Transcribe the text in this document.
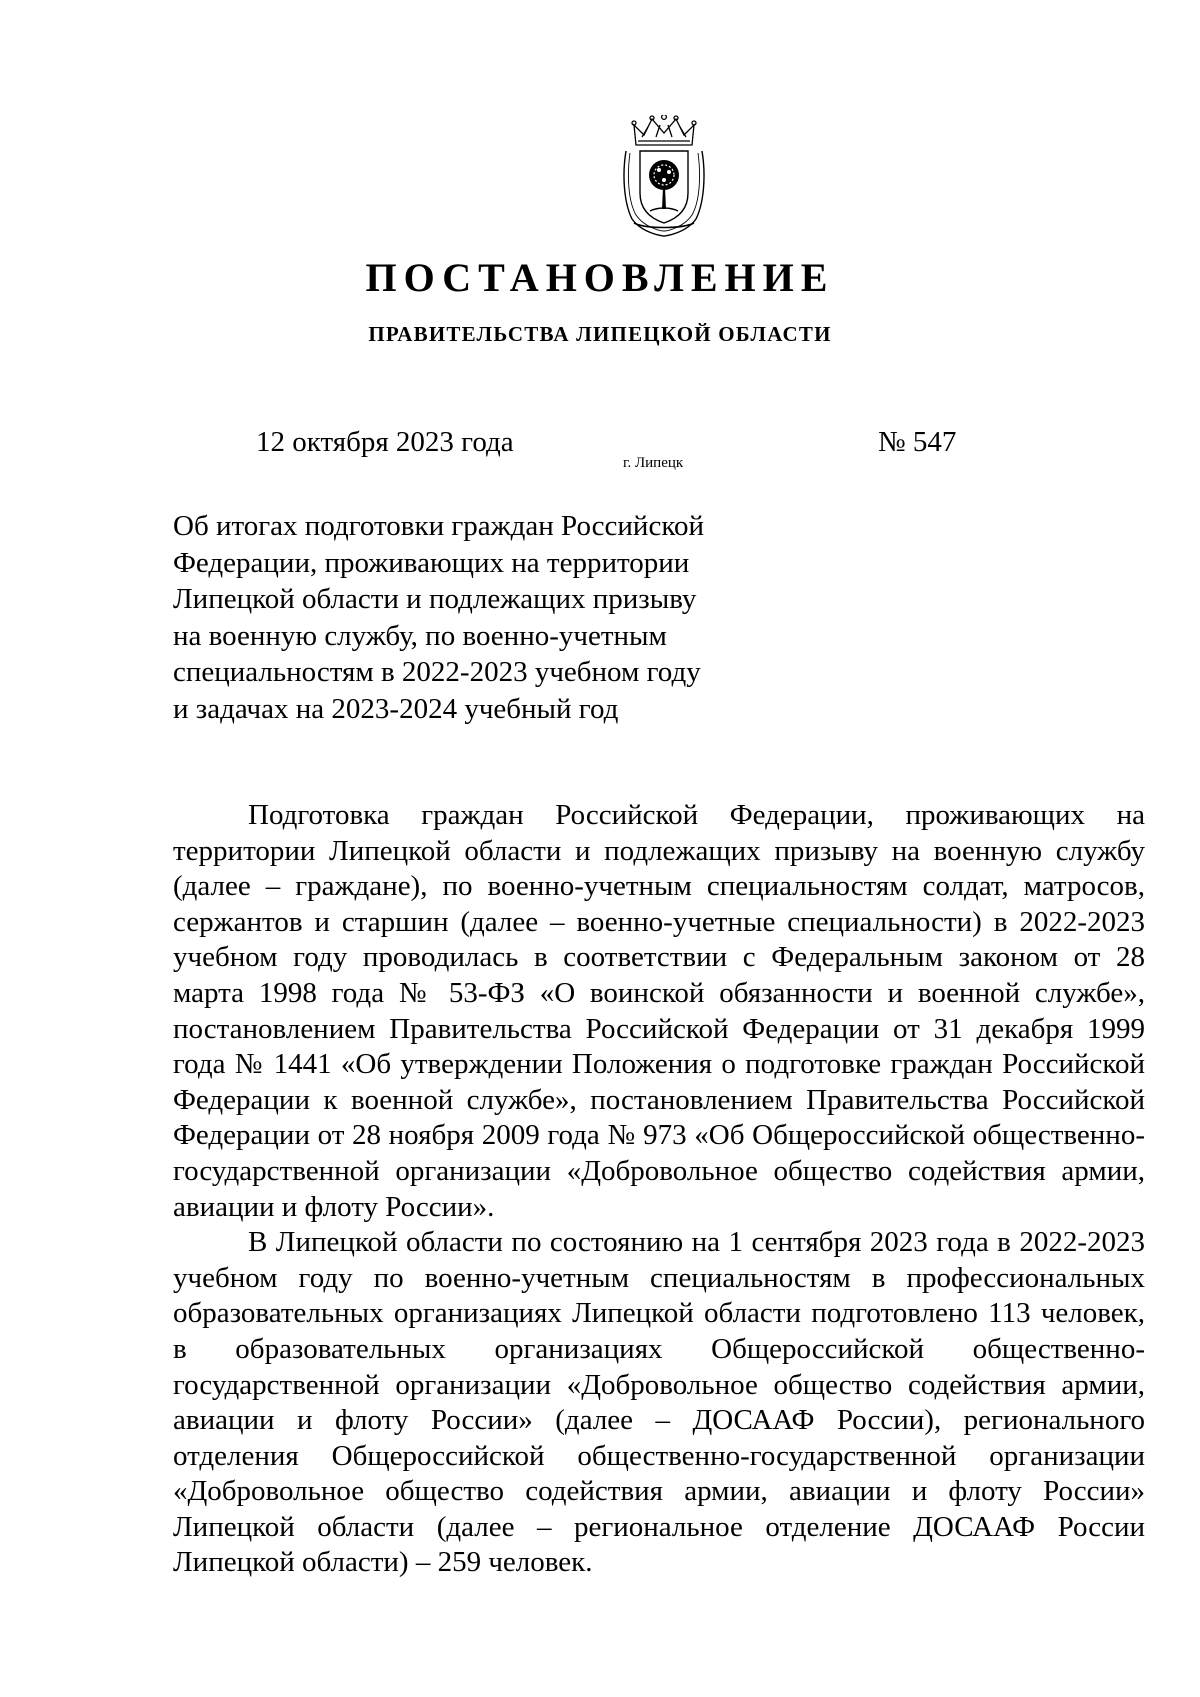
ПОСТАНОВЛЕНИЕ
ПРАВИТЕЛЬСТВА ЛИПЕЦКОЙ ОБЛАСТИ
12 октября 2023 года
г. Липецк
№ 547
Об итогах подготовки граждан Российской
Федерации, проживающих на территории
Липецкой области и подлежащих призыву
на военную службу, по военно-учетным
специальностям в 2022-2023 учебном году
и задачах на 2023-2024 учебный год

Подготовка граждан Российской Федерации, проживающих на территории Липецкой области и подлежащих призыву на военную службу (далее – граждане), по военно-учетным специальностям солдат, матросов, сержантов и старшин (далее – военно-учетные специальности) в 2022-2023 учебном году проводилась в соответствии с Федеральным законом от 28 марта 1998 года № 53-ФЗ «О воинской обязанности и военной службе», постановлением Правительства Российской Федерации от 31 декабря 1999 года № 1441 «Об утверждении Положения о подготовке граждан Российской Федерации к военной службе», постановлением Правительства Российской Федерации от 28 ноября 2009 года № 973 «Об Общероссийской общественно-государственной организации «Добровольное общество содействия армии, авиации и флоту России».

В Липецкой области по состоянию на 1 сентября 2023 года в 2022-2023 учебном году по военно-учетным специальностям в профессиональных образовательных организациях Липецкой области подготовлено 113 человек, в образовательных организациях Общероссийской общественно-государственной организации «Добровольное общество содействия армии, авиации и флоту России» (далее – ДОСААФ России), регионального отделения Общероссийской общественно-государственной организации «Добровольное общество содействия армии, авиации и флоту России» Липецкой области (далее – региональное отделение ДОСААФ России Липецкой области) – 259 человек.
